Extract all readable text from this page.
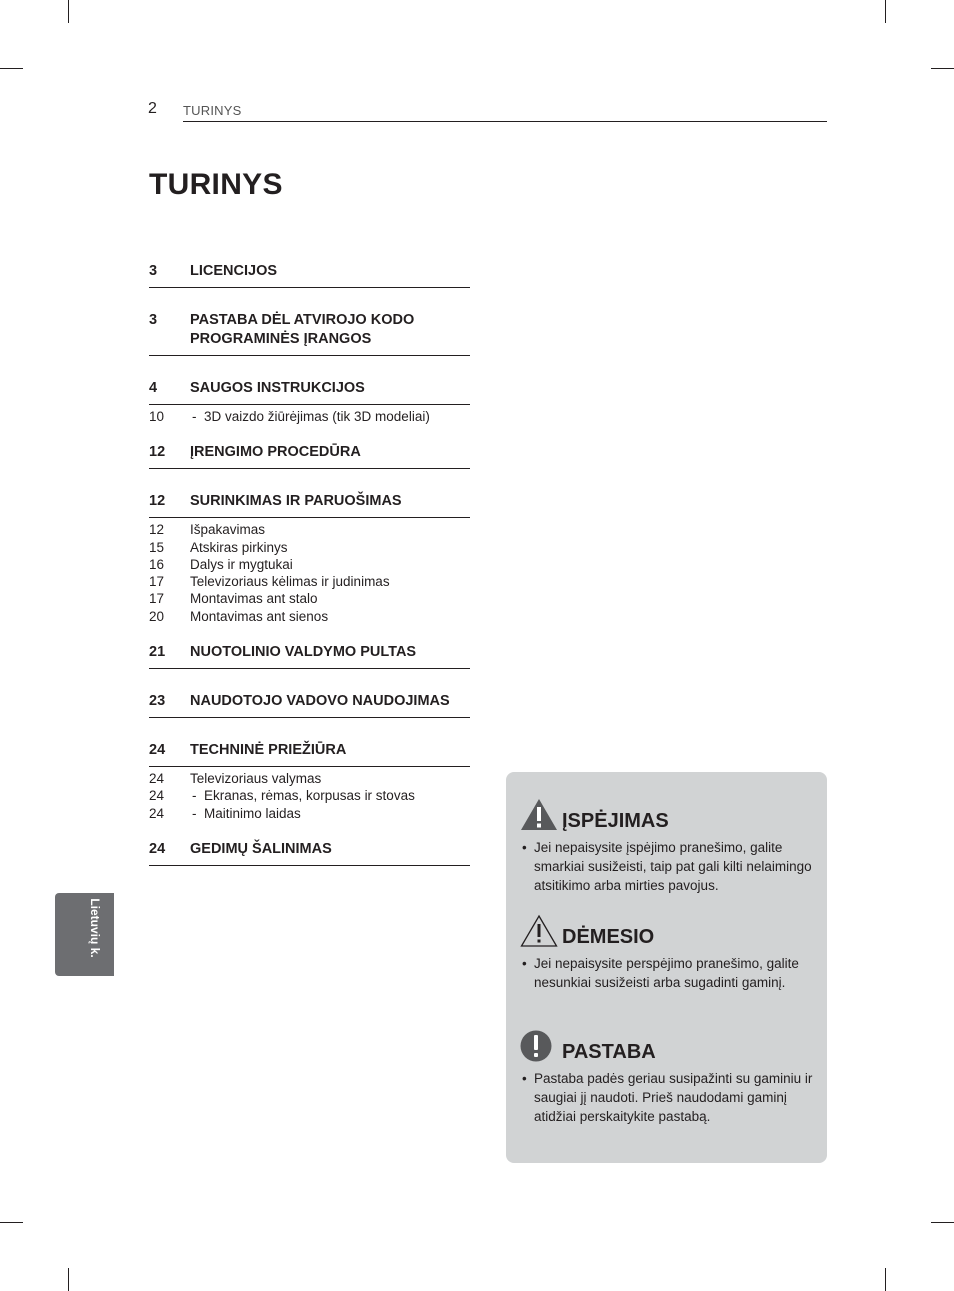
2 TURINYS
TURINYS
3	LICENCIJOS
3	PASTABA DĖL ATVIROJO KODO PROGRAMINĖS ĮRANGOS
4	SAUGOS INSTRUKCIJOS
10	- 3D vaizdo žiūrėjimas (tik 3D modeliai)
12	ĮRENGIMO PROCEDŪRA
12	SURINKIMAS IR PARUOŠIMAS
12	Išpakavimas
15	Atskiras pirkinys
16	Dalys ir mygtukai
17	Televizoriaus kėlimas ir judinimas
17	Montavimas ant stalo
20	Montavimas ant sienos
21	NUOTOLINIO VALDYMO PULTAS
23	NAUDOTOJO VADOVO NAUDOJIMAS
24	TECHNINĖ PRIEŽIŪRA
24	Televizoriaus valymas
24	- Ekranas, rėmas, korpusas ir stovas
24	- Maitinimo laidas
24	GEDIMŲ ŠALINIMAS
Lietuvių k.
ĮSPĖJIMAS
• Jei nepaisysite įspėjimo pranešimo, galite smarkiai susižeisti, taip pat gali kilti nelaimingo atsitikimo arba mirties pavojus.
DĖMESIO
• Jei nepaisysite perspėjimo pranešimo, galite nesunkiai susižeisti arba sugadinti gaminį.
PASTABA
• Pastaba padės geriau susipažinti su gaminiu ir saugiai jį naudoti. Prieš naudodami gaminį atidžiai perskaitykite pastabą.
